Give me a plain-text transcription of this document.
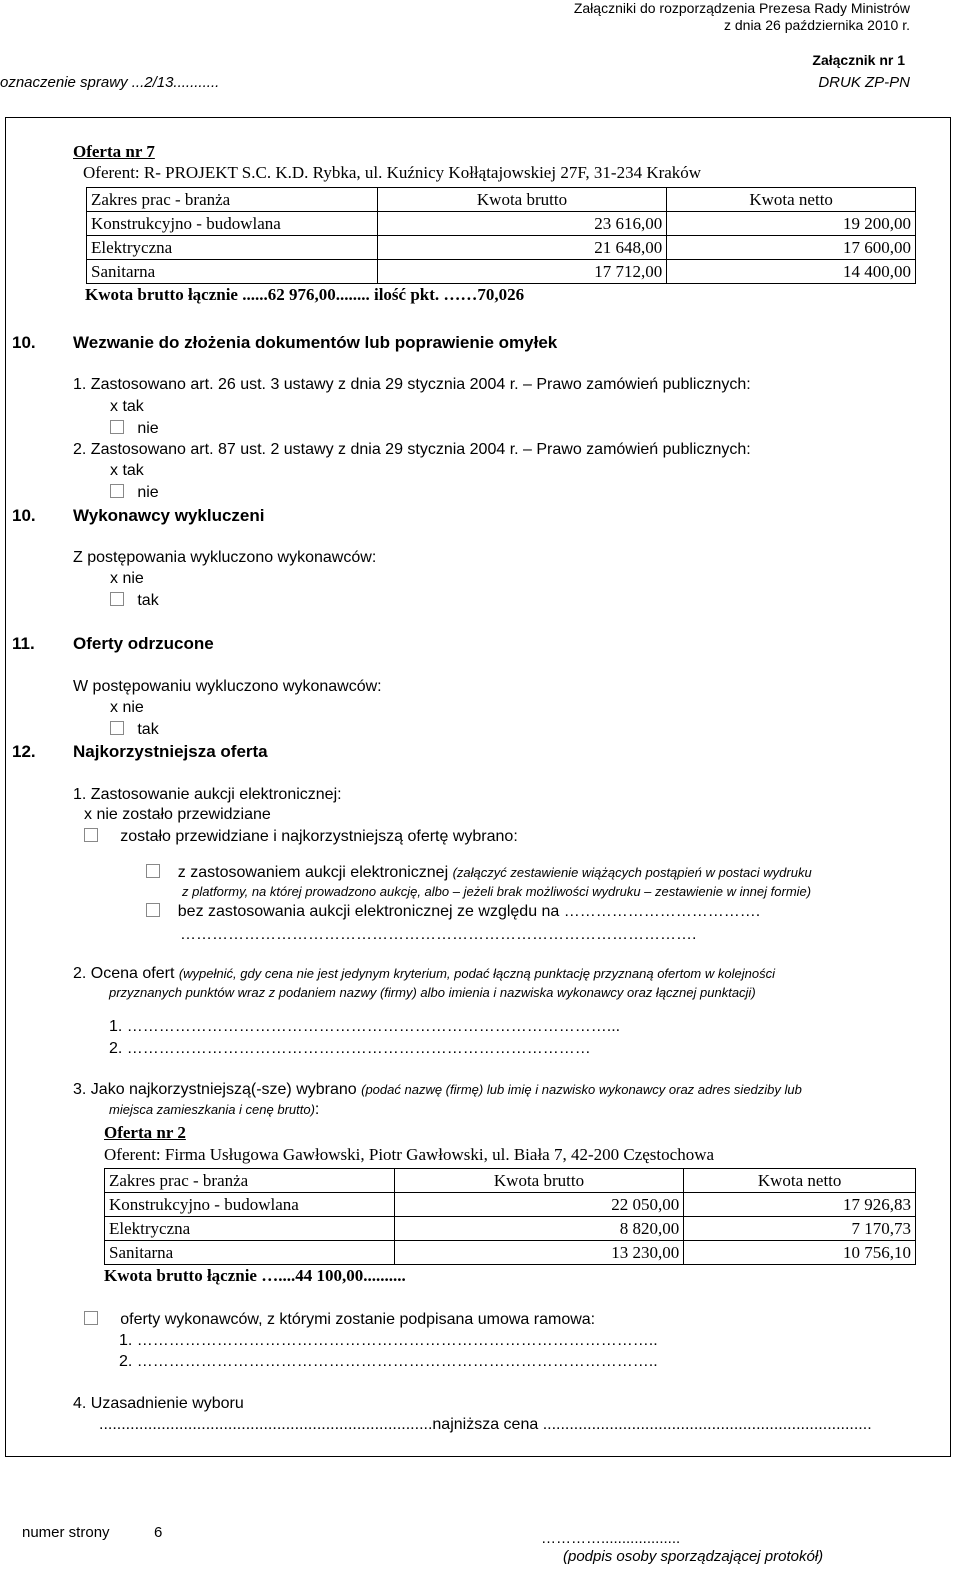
Załączniki do rozporządzenia Prezesa Rady Ministrów
z dnia 26 października 2010 r.
Załącznik nr 1
oznaczenie sprawy ...2/13...........	DRUK ZP-PN
Oferta nr 7
Oferent: R- PROJEKT S.C. K.D. Rybka, ul. Kuźnicy Kołłątajowskiej 27F, 31-234 Kraków
Zakres prac - branża	Kwota brutto	Kwota netto
Konstrukcyjno - budowlana	23 616,00	19 200,00
Elektryczna	21 648,00	17 600,00
Sanitarna	17 712,00	14 400,00
Kwota brutto łącznie ......62 976,00........ ilość pkt. ……70,026
10. Wezwanie do złożenia dokumentów lub poprawienie omyłek
1. Zastosowano art. 26 ust. 3 ustawy z dnia 29 stycznia 2004 r. – Prawo zamówień publicznych:
x tak
nie
2. Zastosowano art. 87 ust. 2 ustawy z dnia 29 stycznia 2004 r. – Prawo zamówień publicznych:
x tak
nie
10. Wykonawcy wykluczeni
Z postępowania wykluczono wykonawców:
x nie
tak
11. Oferty odrzucone
W postępowaniu wykluczono wykonawców:
x nie
tak
12. Najkorzystniejsza oferta
1. Zastosowanie aukcji elektronicznej:
x nie zostało przewidziane
zostało przewidziane i najkorzystniejszą ofertę wybrano:
z zastosowaniem aukcji elektronicznej (załączyć zestawienie wiążących postąpień w postaci wydruku
z platformy, na której prowadzono aukcję, albo – jeżeli brak możliwości wydruku – zestawienie w innej formie)
bez zastosowania aukcji elektronicznej ze względu na ……………………………….
…………………………………………………………………………………….
2. Ocena ofert (wypełnić, gdy cena nie jest jedynym kryterium, podać łączną punktację przyznaną ofertom w kolejności
przyznanych punktów wraz z podaniem nazwy (firmy) albo imienia i nazwiska wykonawcy oraz łącznej punktacji)
1. ………………………………………………………………………………...
2. ……………………………………………………………………………
3. Jako najkorzystniejszą(-sze) wybrano (podać nazwę (firmę) lub imię i nazwisko wykonawcy oraz adres siedziby lub
miejsca zamieszkania i cenę brutto):
Oferta nr 2
Oferent: Firma Usługowa Gawłowski, Piotr Gawłowski, ul. Biała 7, 42-200 Częstochowa
Zakres prac - branża	Kwota brutto	Kwota netto
Konstrukcyjno - budowlana	22 050,00	17 926,83
Elektryczna	8 820,00	7 170,73
Sanitarna	13 230,00	10 756,10
Kwota brutto łącznie …....44 100,00..........
oferty wykonawców, z którymi zostanie podpisana umowa ramowa:
1. ……………………………………………………………………………………..
2. ……………………………………………………………………………………..
4. Uzasadnienie wyboru
...........................................................................najniższa cena ..........................................................................
numer strony	6	…………...................
(podpis osoby sporządzającej protokół)
